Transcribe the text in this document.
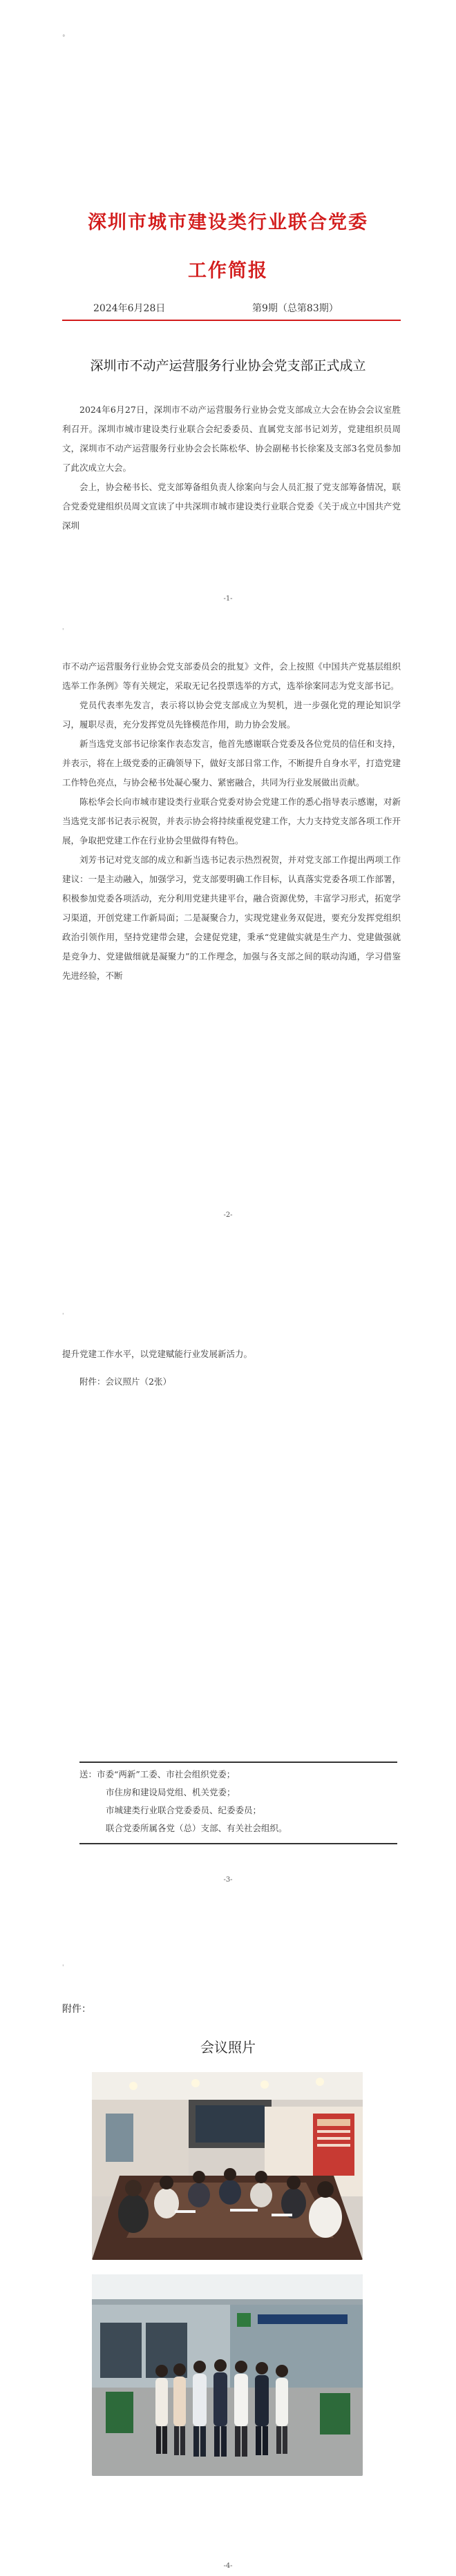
°
深圳市城市建设类行业联合党委
工作简报
2024年6月28日	第9期（总第83期）
深圳市不动产运营服务行业协会党支部正式成立

2024年6月27日，深圳市不动产运营服务行业协会党支部成立大会在协会会议室胜利召开。深圳市城市建设类行业联合会纪委委员、直属党支部书记刘芳，党建组织员周文，深圳市不动产运营服务行业协会会长陈松华、协会副秘书长徐案及支部3名党员参加了此次成立大会。

会上，协会秘书长、党支部筹备组负责人徐案向与会人员汇报了党支部筹备情况，联合党委党建组织员周文宣读了中共深圳市城市建设类行业联合党委《关于成立中国共产党深圳

-1-
'

市不动产运营服务行业协会党支部委员会的批复》文件，会上按照《中国共产党基层组织选举工作条例》等有关规定，采取无记名投票选举的方式，选举徐案同志为党支部书记。

党员代表率先发言，表示将以协会党支部成立为契机，进一步强化党的理论知识学习，履职尽责，充分发挥党员先锋模范作用，助力协会发展。

新当选党支部书记徐案作表态发言，他首先感谢联合党委及各位党员的信任和支持，并表示，将在上级党委的正确领导下，做好支部日常工作，不断提升自身水平，打造党建工作特色亮点，与协会秘书处凝心聚力、紧密融合，共同为行业发展做出贡献。

陈松华会长向市城市建设类行业联合党委对协会党建工作的悉心指导表示感谢，对新当选党支部书记表示祝贺，并表示协会将持续重视党建工作，大力支持党支部各项工作开展，争取把党建工作在行业协会里做得有特色。

刘芳书记对党支部的成立和新当选书记表示热烈祝贺，并对党支部工作提出两项工作建议：一是主动融入，加强学习，党支部要明确工作目标，认真落实党委各项工作部署，积极参加党委各项活动，充分利用党建共建平台，融合资源优势，丰富学习形式，拓宽学习渠道，开创党建工作新局面；二是凝聚合力，实现党建业务双促进，要充分发挥党组织政治引领作用，坚持党建带会建，会建促党建，秉承“党建做实就是生产力、党建做强就是竞争力、党建做细就是凝聚力”的工作理念，加强与各支部之间的联动沟通，学习借鉴先进经验，不断

-2-
'

提升党建工作水平，以党建赋能行业发展新活力。

附件：会议照片（2张）

送：市委“两新”工委、市社会组织党委；

市住房和建设局党组、机关党委；

市城建类行业联合党委委员、纪委委员；

联合党委所属各党（总）支部、有关社会组织。

-3-
'
附件：
会议照片
-4-
